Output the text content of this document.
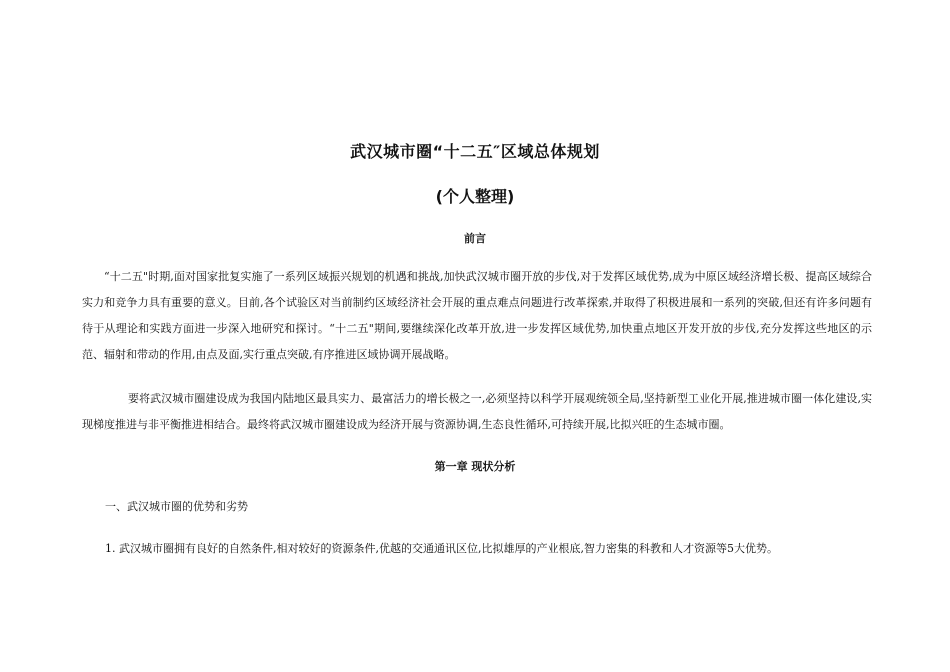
武汉城市圈“十二五″区域总体规划
(个人整理)
前言
“十二五"时期,面对国家批复实施了一系列区域振兴规划的机遇和挑战,加快武汉城市圈开放的步伐,对于发挥区域优势,成为中原区域经济增长极、提高区域综合实力和竞争力具有重要的意义。目前,各个试验区对当前制约区域经济社会开展的重点难点问题进行改革探索,并取得了积极进展和一系列的突破,但还有许多问题有待于从理论和实践方面进一步深入地研究和探讨。“十二五"期间,要继续深化改革开放,进一步发挥区域优势,加快重点地区开发开放的步伐,充分发挥这些地区的示范、辐射和带动的作用,由点及面,实行重点突破,有序推进区域协调开展战略。
要将武汉城市圈建设成为我国内陆地区最具实力、最富活力的增长极之一,必须坚持以科学开展观统领全局,坚持新型工业化开展,推进城市圈一体化建设,实现梯度推进与非平衡推进相结合。最终将武汉城市圈建设成为经济开展与资源协调,生态良性循环,可持续开展,比拟兴旺的生态城市圈。
第一章 现状分析
一、武汉城市圈的优势和劣势
1. 武汉城市圈拥有良好的自然条件,相对较好的资源条件,优越的交通通讯区位,比拟雄厚的产业根底,智力密集的科教和人才资源等5大优势。
